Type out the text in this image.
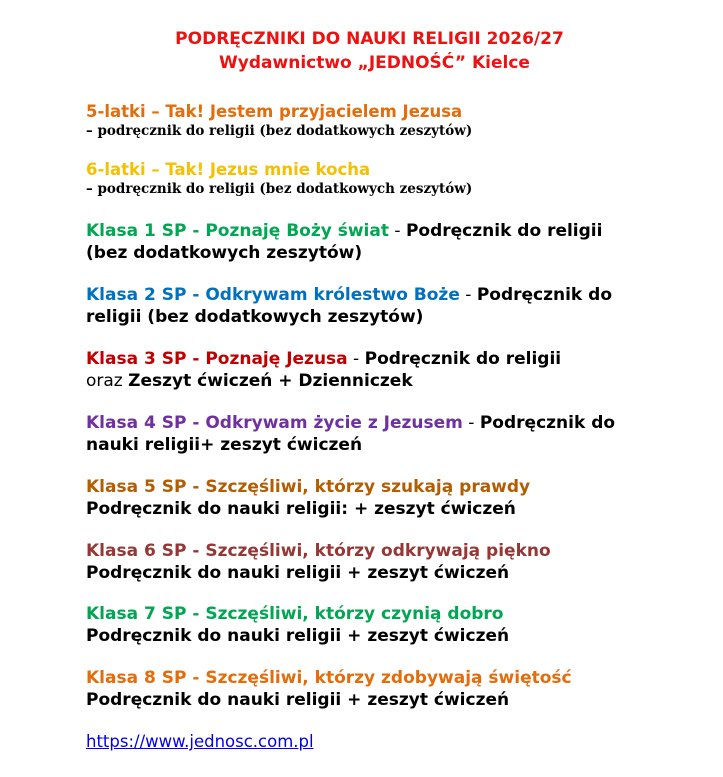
PODRĘCZNIKI DO NAUKI RELIGII 2026/27
Wydawnictwo „JEDNOŚĆ” Kielce
5-latki – Tak! Jestem przyjacielem Jezusa
– podręcznik do religii (bez dodatkowych zeszytów)
6-latki – Tak! Jezus mnie kocha
– podręcznik do religii (bez dodatkowych zeszytów)
Klasa 1 SP - Poznaję Boży świat - Podręcznik do religii
(bez dodatkowych zeszytów)
Klasa 2 SP - Odkrywam królestwo Boże - Podręcznik do
religii (bez dodatkowych zeszytów)
Klasa 3 SP - Poznaję Jezusa - Podręcznik do religii
oraz Zeszyt ćwiczeń + Dzienniczek
Klasa 4 SP - Odkrywam życie z Jezusem - Podręcznik do
nauki religii+ zeszyt ćwiczeń
Klasa 5 SP - Szczęśliwi, którzy szukają prawdy
Podręcznik do nauki religii: + zeszyt ćwiczeń
Klasa 6 SP - Szczęśliwi, którzy odkrywają piękno
Podręcznik do nauki religii + zeszyt ćwiczeń
Klasa 7 SP - Szczęśliwi, którzy czynią dobro
Podręcznik do nauki religii + zeszyt ćwiczeń
Klasa 8 SP - Szczęśliwi, którzy zdobywają świętość
Podręcznik do nauki religii + zeszyt ćwiczeń
https://www.jednosc.com.pl
